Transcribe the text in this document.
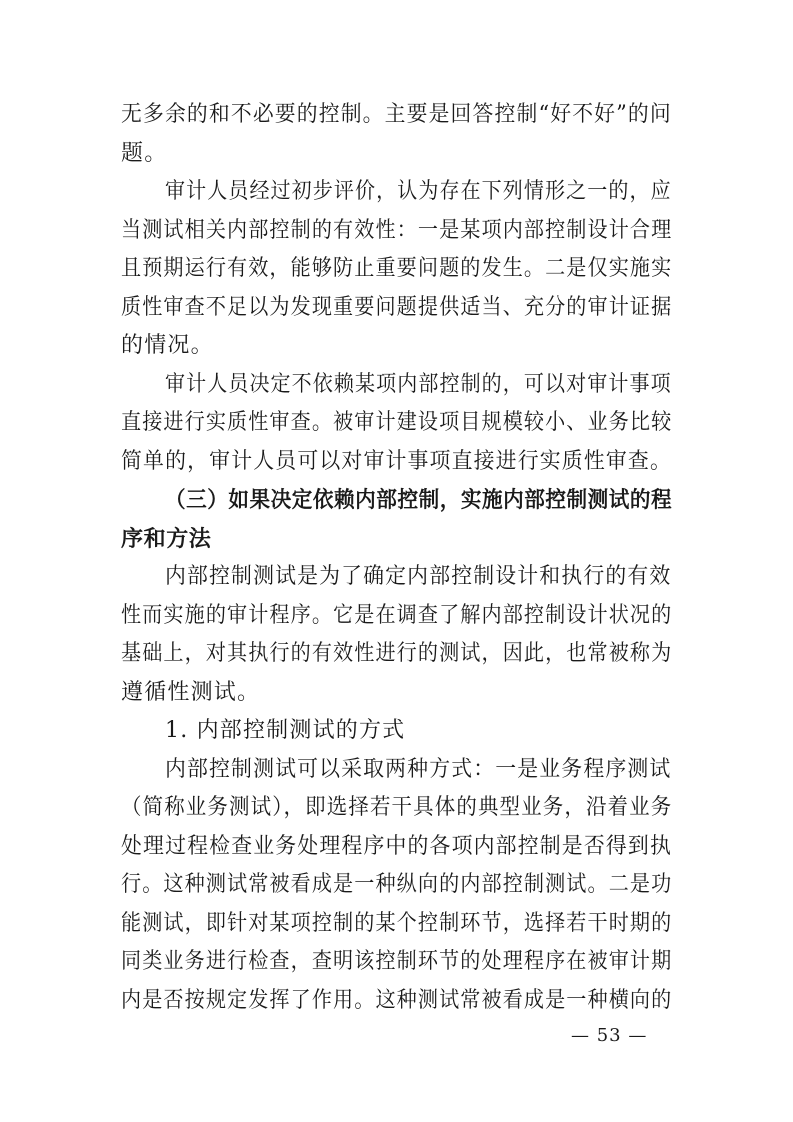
无多余的和不必要的控制。主要是回答控制“好不好”的问
题。
审计人员经过初步评价，认为存在下列情形之一的，应
当测试相关内部控制的有效性：一是某项内部控制设计合理
且预期运行有效，能够防止重要问题的发生。二是仅实施实
质性审查不足以为发现重要问题提供适当、充分的审计证据
的情况。
审计人员决定不依赖某项内部控制的，可以对审计事项
直接进行实质性审查。被审计建设项目规模较小、业务比较
简单的，审计人员可以对审计事项直接进行实质性审查。
（三）如果决定依赖内部控制，实施内部控制测试的程
序和方法
内部控制测试是为了确定内部控制设计和执行的有效
性而实施的审计程序。它是在调查了解内部控制设计状况的
基础上，对其执行的有效性进行的测试，因此，也常被称为
遵循性测试。
1. 内部控制测试的方式
内部控制测试可以采取两种方式：一是业务程序测试
（简称业务测试），即选择若干具体的典型业务，沿着业务
处理过程检查业务处理程序中的各项内部控制是否得到执
行。这种测试常被看成是一种纵向的内部控制测试。二是功
能测试，即针对某项控制的某个控制环节，选择若干时期的
同类业务进行检查，查明该控制环节的处理程序在被审计期
内是否按规定发挥了作用。这种测试常被看成是一种横向的
— 53 —
